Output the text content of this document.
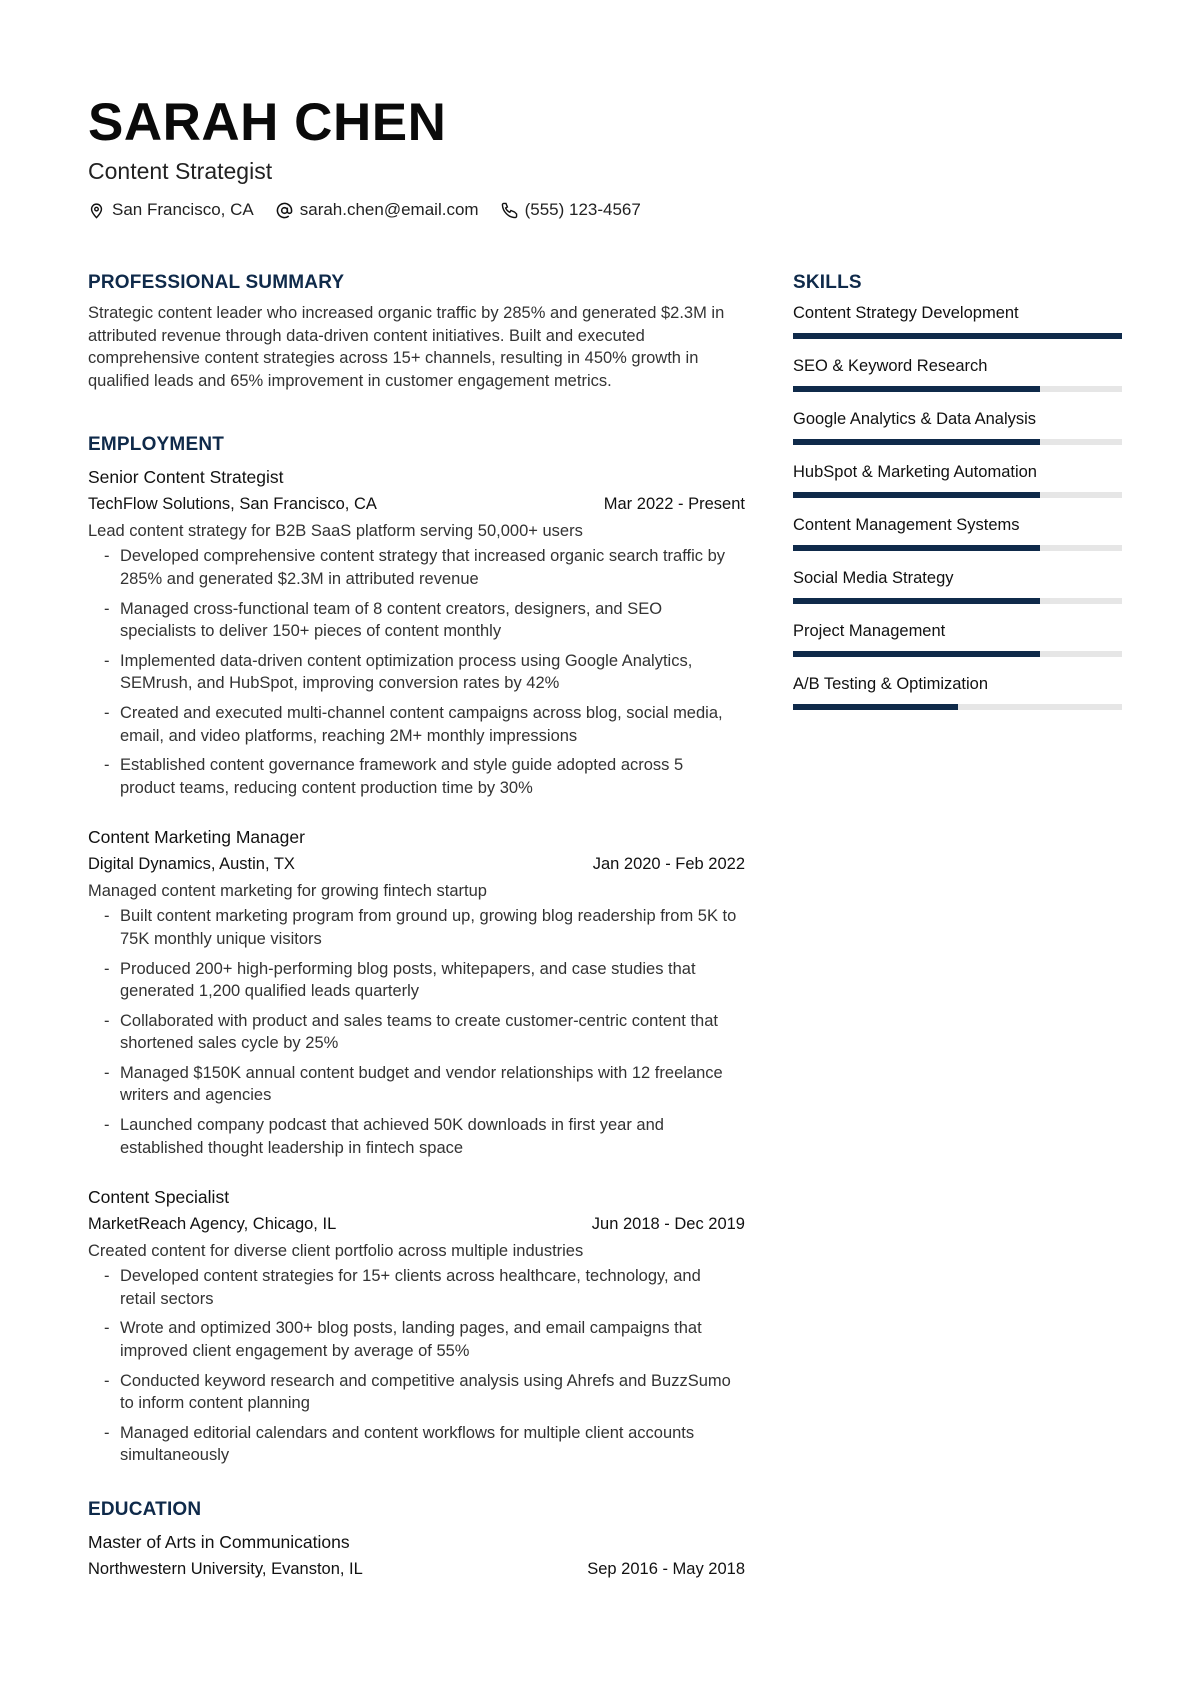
SARAH CHEN
Content Strategist
San Francisco, CA	sarah.chen@email.com	(555) 123-4567
PROFESSIONAL SUMMARY

Strategic content leader who increased organic traffic by 285% and generated $2.3M in attributed revenue through data-driven content initiatives. Built and executed comprehensive content strategies across 15+ channels, resulting in 450% growth in qualified leads and 65% improvement in customer engagement metrics.

EMPLOYMENT
Senior Content Strategist
TechFlow Solutions, San Francisco, CA	Mar 2022 - Present
Lead content strategy for B2B SaaS platform serving 50,000+ users
- Developed comprehensive content strategy that increased organic search traffic by 285% and generated $2.3M in attributed revenue
- Managed cross-functional team of 8 content creators, designers, and SEO specialists to deliver 150+ pieces of content monthly
- Implemented data-driven content optimization process using Google Analytics, SEMrush, and HubSpot, improving conversion rates by 42%
- Created and executed multi-channel content campaigns across blog, social media, email, and video platforms, reaching 2M+ monthly impressions
- Established content governance framework and style guide adopted across 5 product teams, reducing content production time by 30%
Content Marketing Manager
Digital Dynamics, Austin, TX	Jan 2020 - Feb 2022
Managed content marketing for growing fintech startup
- Built content marketing program from ground up, growing blog readership from 5K to 75K monthly unique visitors
- Produced 200+ high-performing blog posts, whitepapers, and case studies that generated 1,200 qualified leads quarterly
- Collaborated with product and sales teams to create customer-centric content that shortened sales cycle by 25%
- Managed $150K annual content budget and vendor relationships with 12 freelance writers and agencies
- Launched company podcast that achieved 50K downloads in first year and established thought leadership in fintech space
Content Specialist
MarketReach Agency, Chicago, IL	Jun 2018 - Dec 2019
Created content for diverse client portfolio across multiple industries
- Developed content strategies for 15+ clients across healthcare, technology, and retail sectors
- Wrote and optimized 300+ blog posts, landing pages, and email campaigns that improved client engagement by average of 55%
- Conducted keyword research and competitive analysis using Ahrefs and BuzzSumo to inform content planning
- Managed editorial calendars and content workflows for multiple client accounts simultaneously
EDUCATION
Master of Arts in Communications
Northwestern University, Evanston, IL	Sep 2016 - May 2018
SKILLS
Content Strategy Development
SEO & Keyword Research
Google Analytics & Data Analysis
HubSpot & Marketing Automation
Content Management Systems
Social Media Strategy
Project Management
A/B Testing & Optimization
